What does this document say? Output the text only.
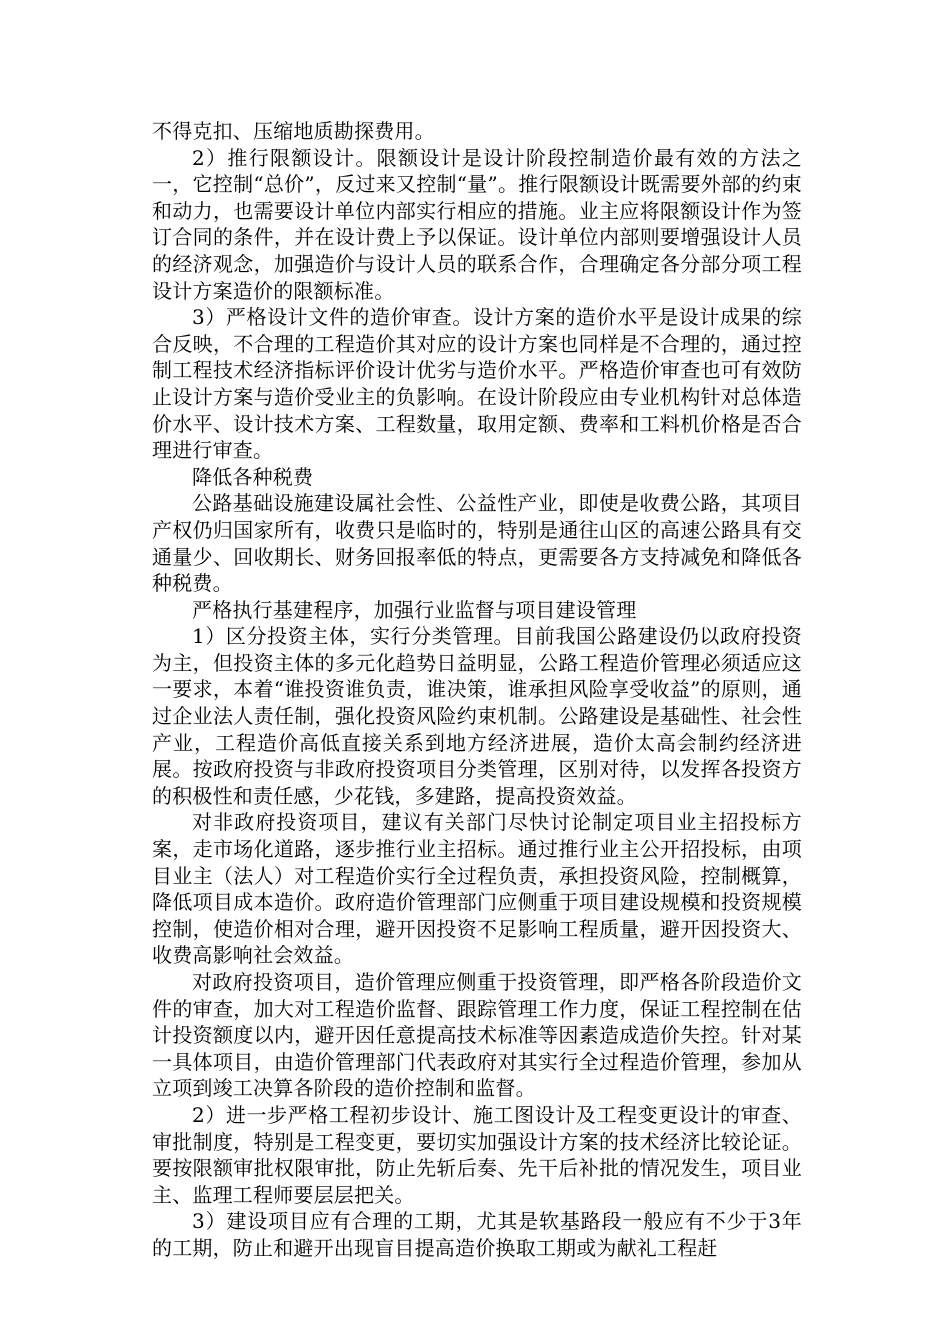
不得克扣、压缩地质勘探费用。

2）推行限额设计。限额设计是设计阶段控制造价最有效的方法之一，它控制“总价”，反过来又控制“量”。推行限额设计既需要外部的约束和动力，也需要设计单位内部实行相应的措施。业主应将限额设计作为签订合同的条件，并在设计费上予以保证。设计单位内部则要增强设计人员的经济观念，加强造价与设计人员的联系合作，合理确定各分部分项工程设计方案造价的限额标准。

3）严格设计文件的造价审查。设计方案的造价水平是设计成果的综合反映，不合理的工程造价其对应的设计方案也同样是不合理的，通过控制工程技术经济指标评价设计优劣与造价水平。严格造价审查也可有效防止设计方案与造价受业主的负影响。在设计阶段应由专业机构针对总体造价水平、设计技术方案、工程数量，取用定额、费率和工料机价格是否合理进行审查。

降低各种税费

公路基础设施建设属社会性、公益性产业，即使是收费公路，其项目产权仍归国家所有，收费只是临时的，特别是通往山区的高速公路具有交通量少、回收期长、财务回报率低的特点，更需要各方支持减免和降低各种税费。

严格执行基建程序，加强行业监督与项目建设管理

1）区分投资主体，实行分类管理。目前我国公路建设仍以政府投资为主，但投资主体的多元化趋势日益明显，公路工程造价管理必须适应这一要求，本着“谁投资谁负责，谁决策，谁承担风险享受收益”的原则，通过企业法人责任制，强化投资风险约束机制。公路建设是基础性、社会性产业，工程造价高低直接关系到地方经济进展，造价太高会制约经济进展。按政府投资与非政府投资项目分类管理，区别对待，以发挥各投资方的积极性和责任感，少花钱，多建路，提高投资效益。

对非政府投资项目，建议有关部门尽快讨论制定项目业主招投标方案，走市场化道路，逐步推行业主招标。通过推行业主公开招投标，由项目业主（法人）对工程造价实行全过程负责，承担投资风险，控制概算，降低项目成本造价。政府造价管理部门应侧重于项目建设规模和投资规模控制，使造价相对合理，避开因投资不足影响工程质量，避开因投资大、收费高影响社会效益。

对政府投资项目，造价管理应侧重于投资管理，即严格各阶段造价文件的审查，加大对工程造价监督、跟踪管理工作力度，保证工程控制在估计投资额度以内，避开因任意提高技术标准等因素造成造价失控。针对某一具体项目，由造价管理部门代表政府对其实行全过程造价管理，参加从立项到竣工决算各阶段的造价控制和监督。

2）进一步严格工程初步设计、施工图设计及工程变更设计的审查、审批制度，特别是工程变更，要切实加强设计方案的技术经济比较论证。要按限额审批权限审批，防止先斩后奏、先干后补批的情况发生，项目业主、监理工程师要层层把关。

3）建设项目应有合理的工期，尤其是软基路段一般应有不少于3年的工期，防止和避开出现盲目提高造价换取工期或为献礼工程赶
